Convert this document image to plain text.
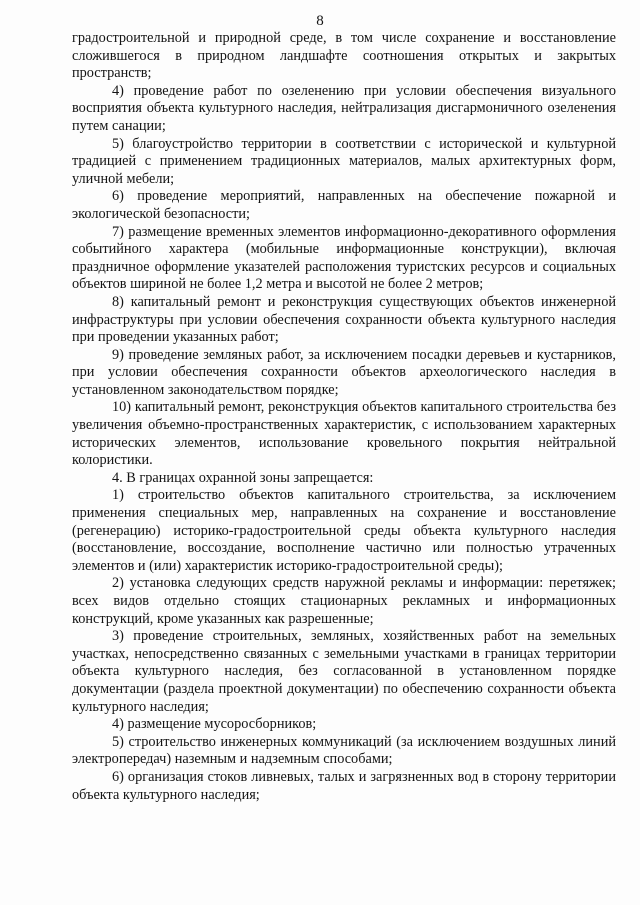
8

градостроительной и природной среде, в том числе сохранение и восстановление сложившегося в природном ландшафте соотношения открытых и закрытых пространств;

4) проведение работ по озеленению при условии обеспечения визуального восприятия объекта культурного наследия, нейтрализация дисгармоничного озеленения путем санации;

5) благоустройство территории в соответствии с исторической и культурной традицией с применением традиционных материалов, малых архитектурных форм, уличной мебели;

6) проведение мероприятий, направленных на обеспечение пожарной и экологической безопасности;

7) размещение временных элементов информационно-декоративного оформления событийного характера (мобильные информационные конструкции), включая праздничное оформление указателей расположения туристских ресурсов и социальных объектов шириной не более 1,2 метра и высотой не более 2 метров;

8) капитальный ремонт и реконструкция существующих объектов инженерной инфраструктуры при условии обеспечения сохранности объекта культурного наследия при проведении указанных работ;

9) проведение земляных работ, за исключением посадки деревьев и кустарников, при условии обеспечения сохранности объектов археологического наследия в установленном законодательством порядке;

10) капитальный ремонт, реконструкция объектов капитального строительства без увеличения объемно-пространственных характеристик, с использованием характерных исторических элементов, использование кровельного покрытия нейтральной колористики.

4. В границах охранной зоны запрещается:

1) строительство объектов капитального строительства, за исключением применения специальных мер, направленных на сохранение и восстановление (регенерацию) историко-градостроительной среды объекта культурного наследия (восстановление, воссоздание, восполнение частично или полностью утраченных элементов и (или) характеристик историко-градостроительной среды);

2) установка следующих средств наружной рекламы и информации: перетяжек; всех видов отдельно стоящих стационарных рекламных и информационных конструкций, кроме указанных как разрешенные;

3) проведение строительных, земляных, хозяйственных работ на земельных участках, непосредственно связанных с земельными участками в границах территории объекта культурного наследия, без согласованной в установленном порядке документации (раздела проектной документации) по обеспечению сохранности объекта культурного наследия;

4) размещение мусоросборников;

5) строительство инженерных коммуникаций (за исключением воздушных линий электропередач) наземным и надземным способами;

6) организация стоков ливневых, талых и загрязненных вод в сторону территории объекта культурного наследия;
